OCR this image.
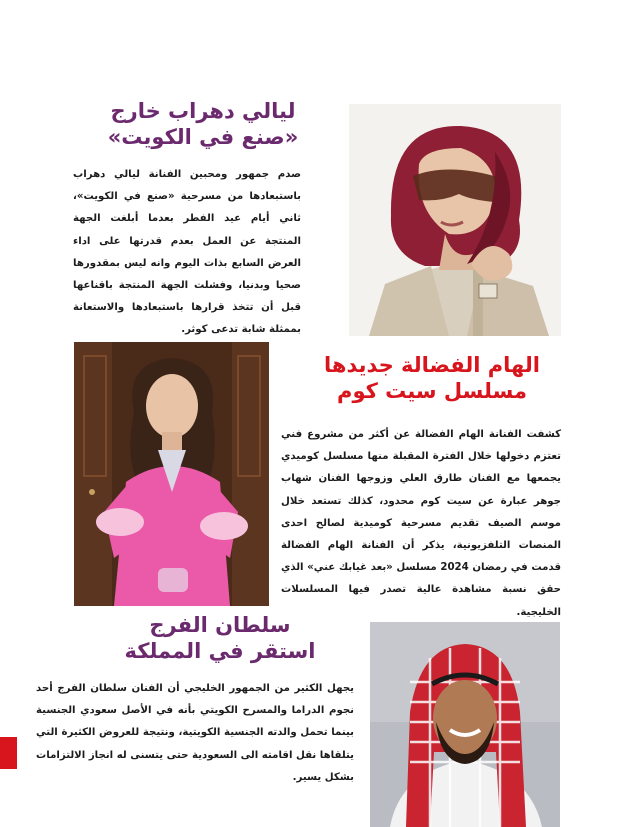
ليالي دهراب خارج
«صنع في الكويت»

صدم جمهور ومحبين الفنانة ليالي دهراب باستبعادها من مسرحية «صنع في الكويت»، ثاني أيام عيد الفطر بعدما أبلغت الجهة المنتجة عن العمل بعدم قدرتها على اداء العرض السابع بذات اليوم وانه ليس بمقدورها صحيا وبدنيا، وفشلت الجهة المنتجة باقناعها قبل أن تتخذ قرارها باستبعادها والاستعانة بممثلة شابة تدعى كوثر.

الهام الفضالة جديدها
مسلسل سيت كوم

كشفت الفنانة الهام الفضالة عن أكثر من مشروع فني تعتزم دخولها خلال الفترة المقبلة منها مسلسل كوميدي يجمعها مع الفنان طارق العلي وزوجها الفنان شهاب جوهر عبارة عن سيت كوم محدود، كذلك تستعد خلال موسم الصيف تقديم مسرحية كوميدية لصالح احدى المنصات التلفزيونية، يذكر أن الفنانة الهام الفضالة قدمت في رمضان 2024 مسلسل «بعد غيابك عني» الذي حقق نسبة مشاهدة عالية تصدر فيها المسلسلات الخليجية.

سلطان الفرج
استقر في المملكة

يجهل الكثير من الجمهور الخليجي أن الفنان سلطان الفرج أحد نجوم الدراما والمسرح الكويتي بأنه في الأصل سعودي الجنسية بينما تحمل والدته الجنسية الكويتية، ونتيجة للعروض الكثيرة التي يتلقاها نقل اقامته الى السعودية حتى يتسنى له انجاز الالتزامات بشكل يسير.
